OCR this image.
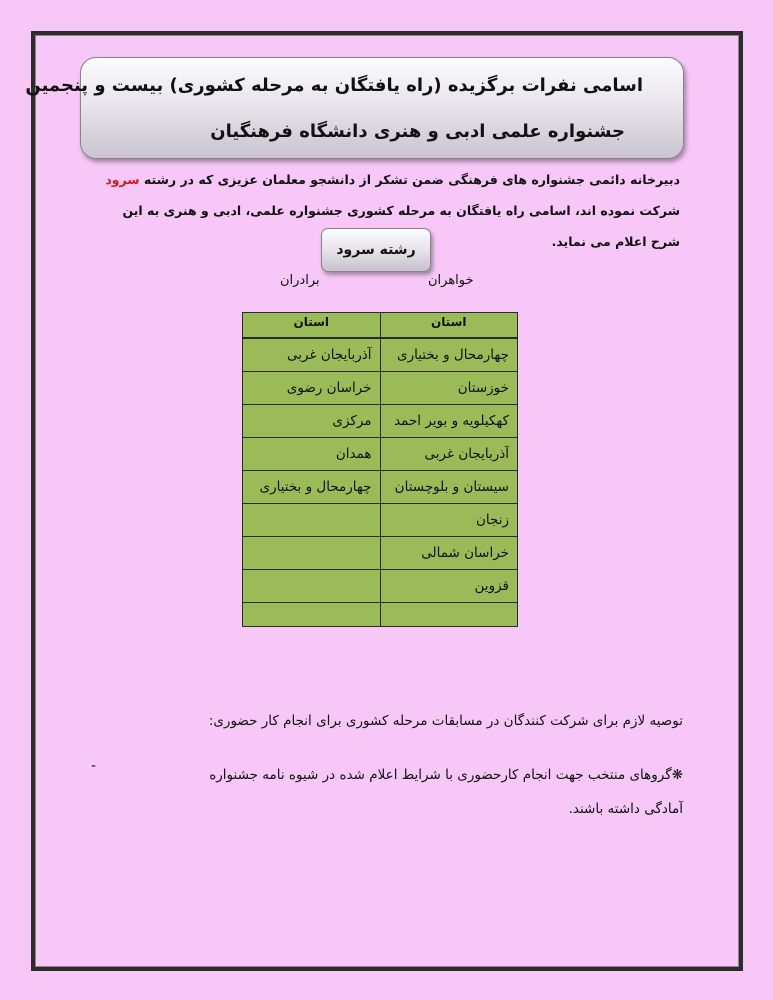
اسامی نفرات برگزیده (راه یافتگان به مرحله کشوری) بیست و پنجمین
جشنواره علمی ادبی و هنری دانشگاه فرهنگیان
دبیرخانه دائمی جشنواره های فرهنگی ضمن تشکر از دانشجو معلمان عزیزی که در رشته سرود شرکت نموده اند، اسامی راه یافتگان به مرحله کشوری جشنواره علمی، ادبی و هنری به این شرح اعلام می نماید.
رشته سرود
خواهران
برادران
استان	استان
چهارمحال و بختیاری	آذربایجان غربی
خوزستان	خراسان رضوی
کهکیلویه و بویر احمد	مرکزی
آذربایجان غربی	همدان
سیستان و بلوچستان	چهارمحال و بختیاری
زنجان	
خراسان شمالی	
قزوین	

توصیه لازم برای شرکت کنندگان در مسابقات مرحله کشوری برای انجام کار حضوری:
❋گروهای منتخب جهت انجام کارحضوری با شرایط اعلام شده در شیوه نامه جشنواره آمادگی داشته باشند.
-
